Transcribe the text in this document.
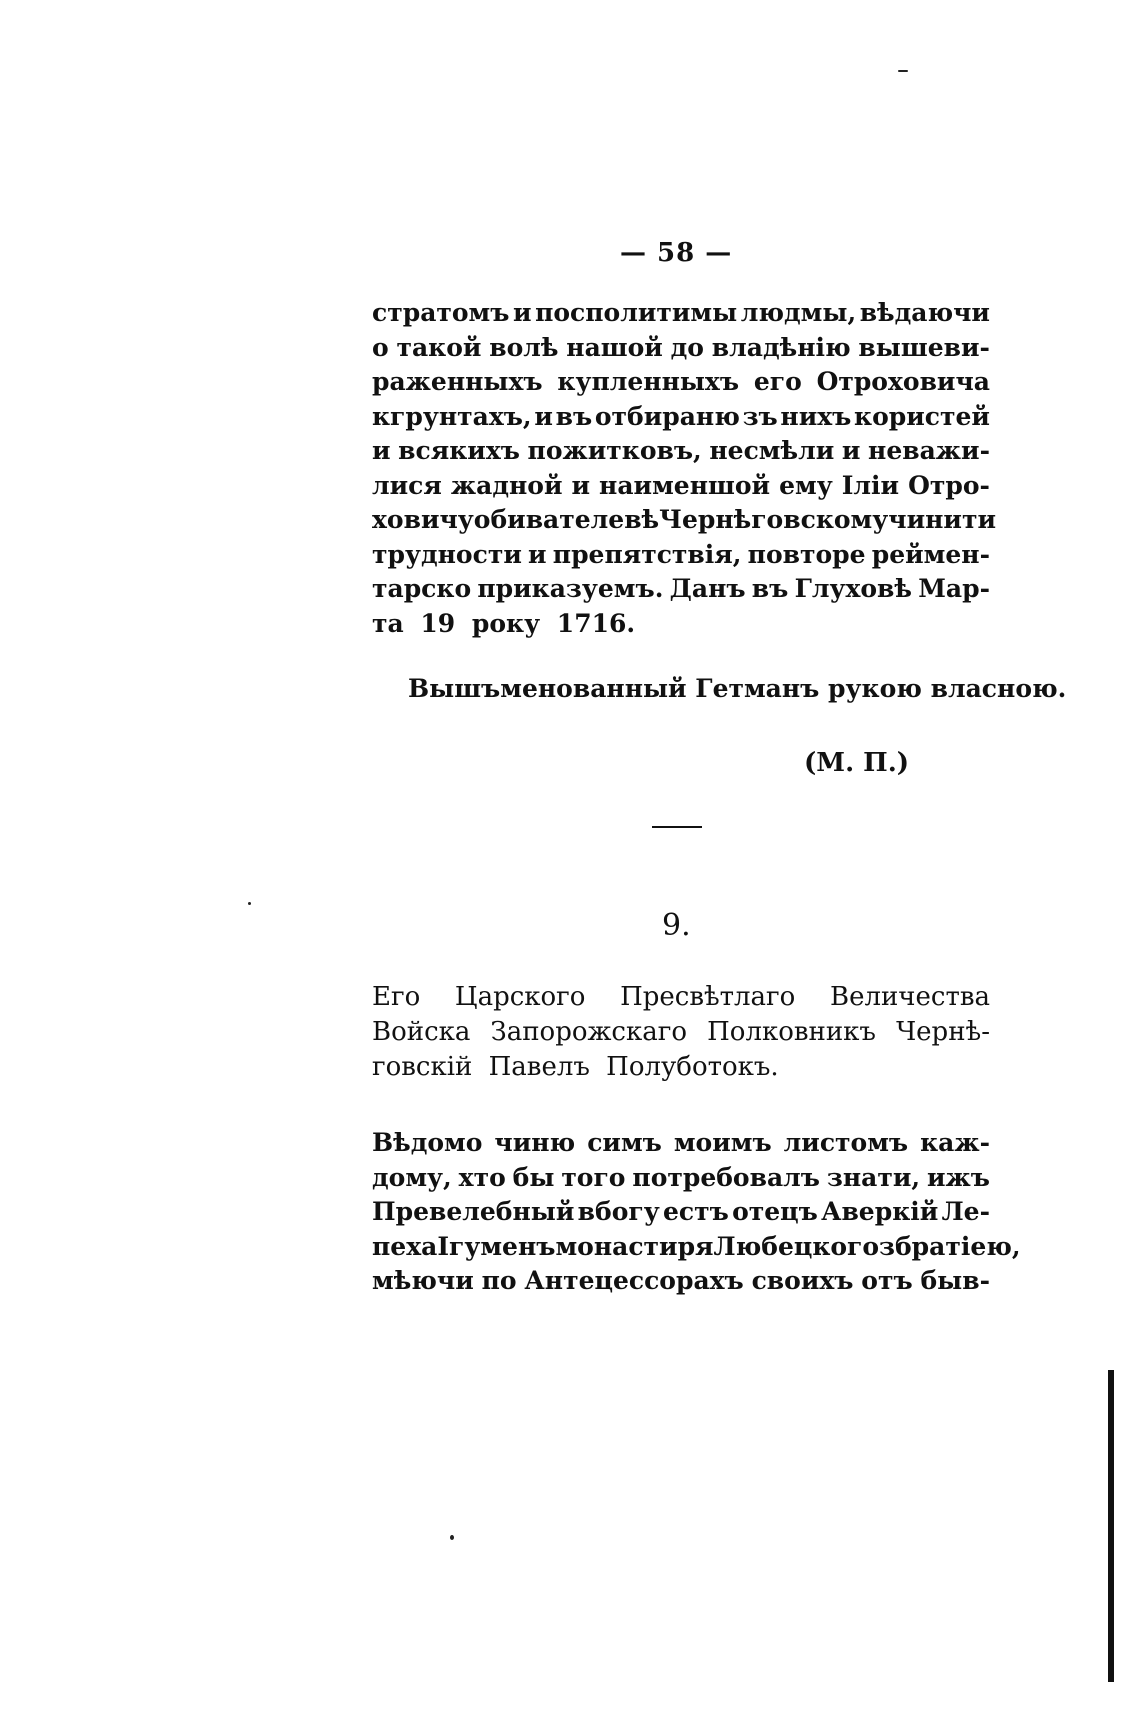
— 58 —
стратомъ и посполитимы людмы, вѣдаючи
о такой волѣ нашой до владѣнію вышеви-
раженныхъ купленныхъ его Отроховича
кгрунтахъ, и въ отбираню зъ нихъ користей
и всякихъ пожитковъ, несмѣли и неважи-
лися жадной и наименшой ему Іліи Отро-
ховичу обивателевѣ Чернѣговскому чинити
трудности и препятствія, повторе реймен-
тарско приказуемъ. Данъ въ Глуховѣ Мар-
та 19 року 1716.
Вышъменованный Гетманъ рукою власною.
(М. П.)
9.
Его Царского Пресвѣтлаго Величества
Войска Запорожскаго Полковникъ Чернѣ-
говскій Павелъ Полуботокъ.
Вѣдомо чиню симъ моимъ листомъ каж-
дому, хто бы того потребовалъ знати, ижъ
Превелебный вбогу естъ отецъ Аверкій Ле-
пеха Ігуменъ монастиря Любецкого збратіею,
мѣючи по Антецессорахъ своихъ отъ быв-
